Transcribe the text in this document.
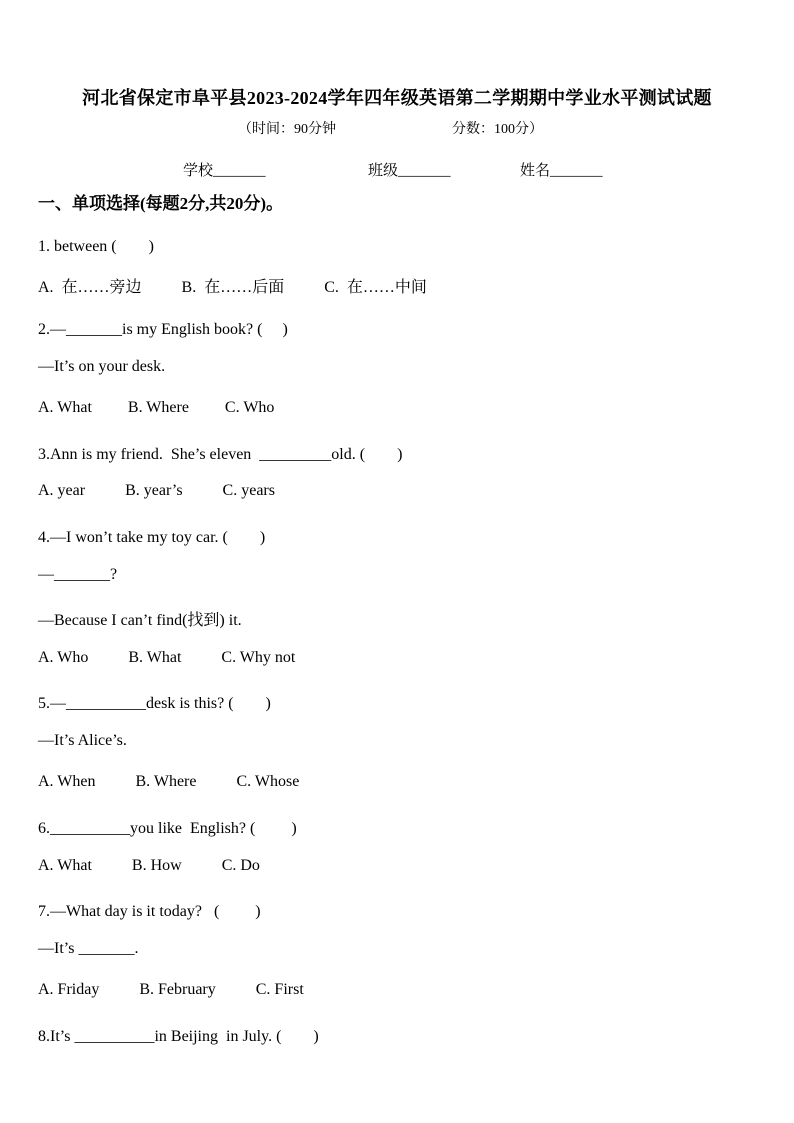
河北省保定市阜平县2023-2024学年四年级英语第二学期期中学业水平测试试题
（时间：90分钟	分数：100分）
学校_______	班级_______	姓名_______
一、单项选择(每题2分,共20分)。
1. between (　　)
A.  在……旁边          B.  在……后面          C.  在……中间
2.—_______is my English book? (　 )
—It’s on your desk.
A. What         B. Where         C. Who
3.Ann is my friend.  She’s eleven  _________old. (　　)
A. year          B. year’s          C. years
4.—I won’t take my toy car. (　　)
—_______?
—Because I can’t find(找到) it.
A. Who          B. What          C. Why not
5.—__________desk is this? (　　)
—It’s Alice’s.
A. When          B. Where          C. Whose
6.__________you like  English? (　　 )
A. What          B. How          C. Do
7.—What day is it today?   (　　 )
—It’s _______.
A. Friday          B. February          C. First
8.It’s __________in Beijing  in July. (　　)
